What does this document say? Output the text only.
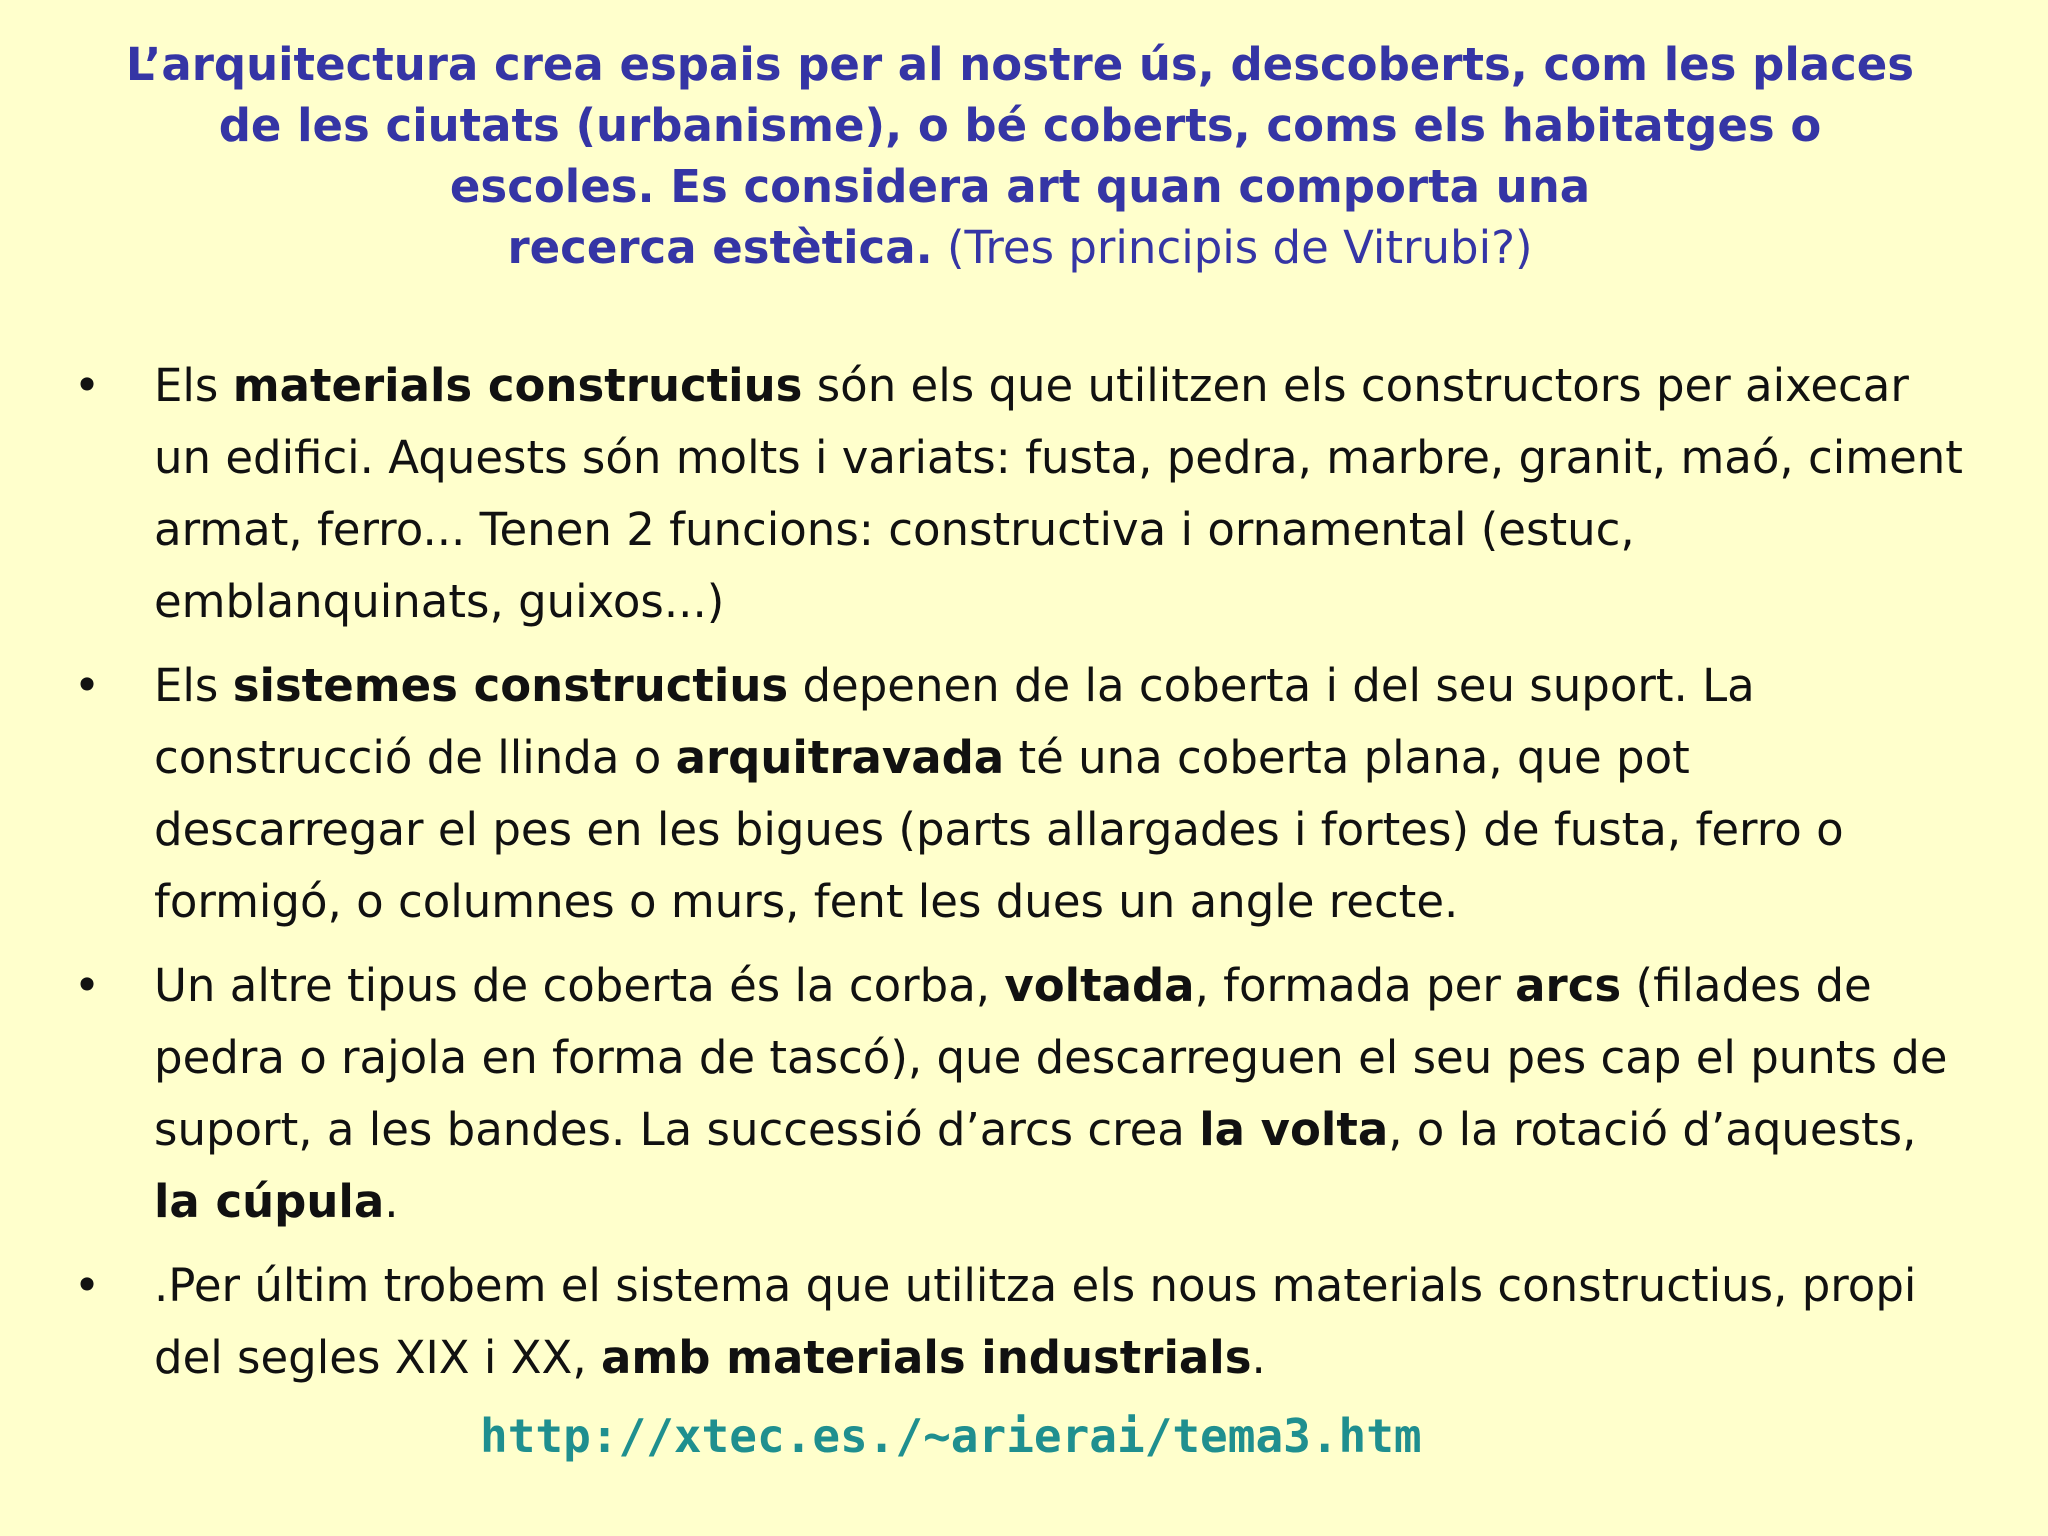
L’arquitectura crea espais per al nostre ús, descoberts, com les places
de les ciutats (urbanisme), o bé coberts, coms els habitatges o
escoles. Es considera art quan comporta una
recerca estètica. (Tres principis de Vitrubi?)
• Els materials constructius són els que utilitzen els constructors per aixecar un edifici. Aquests són molts i variats: fusta, pedra, marbre, granit, maó, ciment armat, ferro... Tenen 2 funcions: constructiva i ornamental (estuc, emblanquinats, guixos...)
• Els sistemes constructius depenen de la coberta i del seu suport. La construcció de llinda o arquitravada té una coberta plana, que pot descarregar el pes en les bigues (parts allargades i fortes) de fusta, ferro o formigó, o columnes o murs, fent les dues un angle recte.
• Un altre tipus de coberta és la corba, voltada, formada per arcs (filades de pedra o rajola en forma de tascó), que descarreguen el seu pes cap el punts de suport, a les bandes. La successió d’arcs crea la volta, o la rotació d’aquests, la cúpula.
• .Per últim trobem el sistema que utilitza els nous materials constructius, propi del segles XIX i XX, amb materials industrials.
http://xtec.es./~arierai/tema3.htm
